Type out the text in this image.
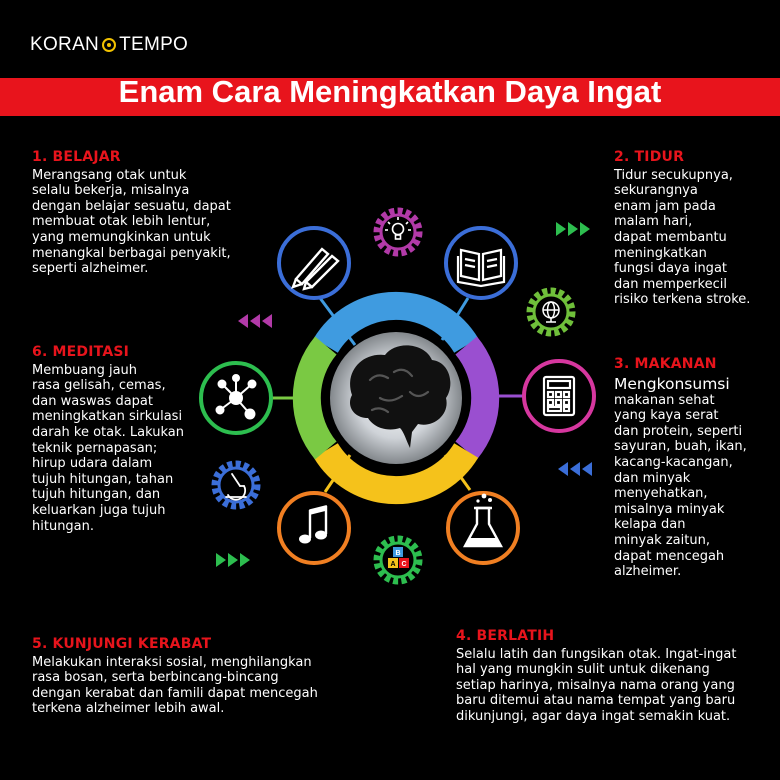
KORAN TEMPO
Enam Cara Meningkatkan Daya Ingat
1. BELAJAR

Merangsang otak untuk
selalu bekerja, misalnya
dengan belajar sesuatu, dapat
membuat otak lebih lentur,
yang memungkinkan untuk
menangkal berbagai penyakit,
seperti alzheimer.

2. TIDUR

Tidur secukupnya,
sekurangnya
enam jam pada
malam hari,
dapat membantu
meningkatkan
fungsi daya ingat
dan memperkecil
risiko terkena stroke.

3. MAKANAN

Mengkonsumsi

makanan sehat
yang kaya serat
dan protein, seperti
sayuran, buah, ikan,
kacang-kacangan,
dan minyak
menyehatkan,
misalnya minyak
kelapa dan
minyak zaitun,
dapat mencegah
alzheimer.

4. BERLATIH

Selalu latih dan fungsikan otak. Ingat-ingat
hal yang mungkin sulit untuk dikenang
setiap harinya, misalnya nama orang yang
baru ditemui atau nama tempat yang baru
dikunjungi, agar daya ingat semakin kuat.

5. KUNJUNGI KERABAT

Melakukan interaksi sosial, menghilangkan
rasa bosan, serta berbincang-bincang
dengan kerabat dan famili dapat mencegah
terkena alzheimer lebih awal.

6. MEDITASI

Membuang jauh
rasa gelisah, cemas,
dan waswas dapat
meningkatkan sirkulasi
darah ke otak. Lakukan
teknik pernapasan;
hirup udara dalam
tujuh hitungan, tahan
tujuh hitungan, dan
keluarkan juga tujuh
hitungan.

B
A C
